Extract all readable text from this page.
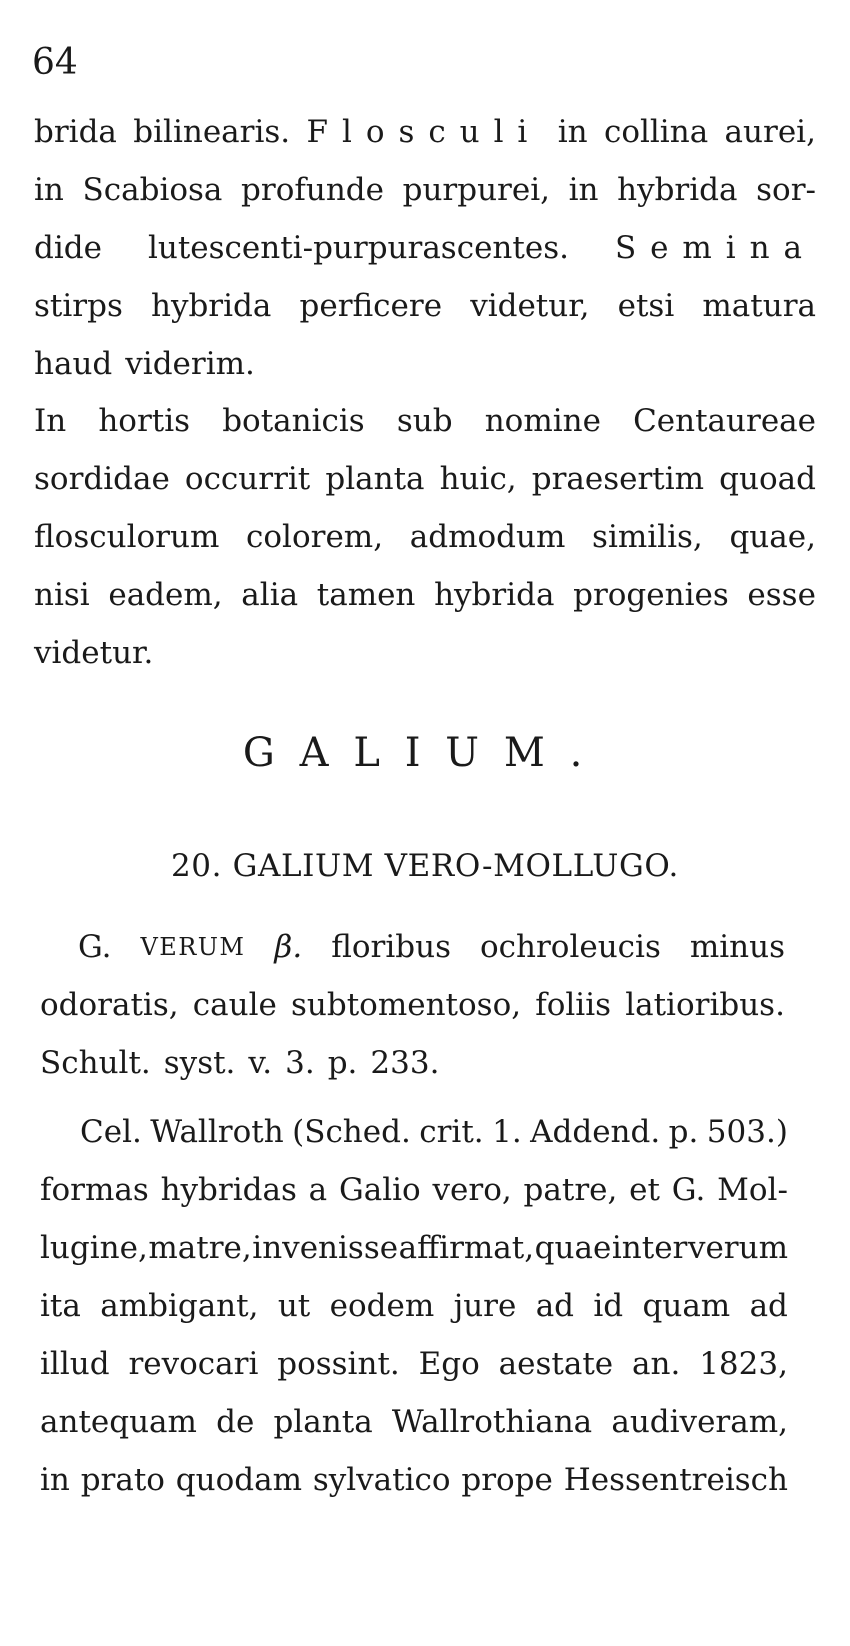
64
brida bilinearis. Flosculi in collina aurei,
in Scabiosa profunde purpurei, in hybrida sor-
dide lutescenti-purpurascentes. Semina
stirps hybrida perficere videtur, etsi matura
haud viderim.
In hortis botanicis sub nomine Centaureae
sordidae occurrit planta huic, praesertim quoad
flosculorum colorem, admodum similis, quae,
nisi eadem, alia tamen hybrida progenies esse
videtur.
GALIUM.
20. GALIUM VERO-MOLLUGO.
G. VERUM β. floribus ochroleucis minus
odoratis, caule subtomentoso, foliis latioribus.
Schult. syst. v. 3. p. 233.
Cel. Wallroth (Sched. crit. 1. Addend. p. 503.)
formas hybridas a Galio vero, patre, et G. Mol-
lugine, matre, invenisse affirmat, quae inter verum
ita ambigant, ut eodem jure ad id quam ad
illud revocari possint. Ego aestate an. 1823,
antequam de planta Wallrothiana audiveram,
in prato quodam sylvatico prope Hessentreisch
